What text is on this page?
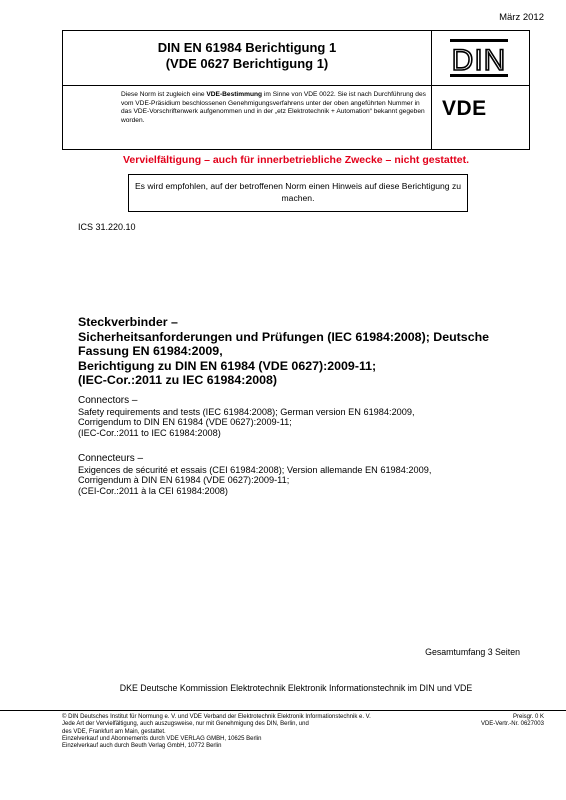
März 2012
DIN EN 61984 Berichtigung 1
(VDE 0627 Berichtigung 1)
Diese Norm ist zugleich eine VDE-Bestimmung im Sinne von VDE 0022. Sie ist nach Durchführung des vom VDE-Präsidium beschlossenen Genehmigungsverfahrens unter der oben angeführten Nummer in das VDE-Vorschriftenwerk aufgenommen und in der „etz Elektrotechnik + Automation“ bekannt gegeben worden.
DIN
VDE
Vervielfältigung – auch für innerbetriebliche Zwecke – nicht gestattet.
Es wird empfohlen, auf der betroffenen Norm einen Hinweis auf diese Berichtigung zu machen.
ICS 31.220.10
Steckverbinder –
Sicherheitsanforderungen und Prüfungen (IEC 61984:2008); Deutsche
Fassung EN 61984:2009,
Berichtigung zu DIN EN 61984 (VDE 0627):2009-11;
(IEC-Cor.:2011 zu IEC 61984:2008)
Connectors –
Safety requirements and tests (IEC 61984:2008); German version EN 61984:2009,
Corrigendum to DIN EN 61984 (VDE 0627):2009-11;
(IEC-Cor.:2011 to IEC 61984:2008)
Connecteurs –
Exigences de sécurité et essais (CEI 61984:2008); Version allemande EN 61984:2009,
Corrigendum à DIN EN 61984 (VDE 0627):2009-11;
(CEI-Cor.:2011 à la CEI 61984:2008)
Gesamtumfang 3 Seiten
DKE Deutsche Kommission Elektrotechnik Elektronik Informationstechnik im DIN und VDE
© DIN Deutsches Institut für Normung e. V. und VDE Verband der Elektrotechnik Elektronik Informationstechnik e. V.
Jede Art der Vervielfältigung, auch auszugsweise, nur mit Genehmigung des DIN, Berlin, und
des VDE, Frankfurt am Main, gestattet.
Einzelverkauf und Abonnements durch VDE VERLAG GMBH, 10625 Berlin
Einzelverkauf auch durch Beuth Verlag GmbH, 10772 Berlin
Preisgr. 0 K
VDE-Vertr.-Nr. 0627003
